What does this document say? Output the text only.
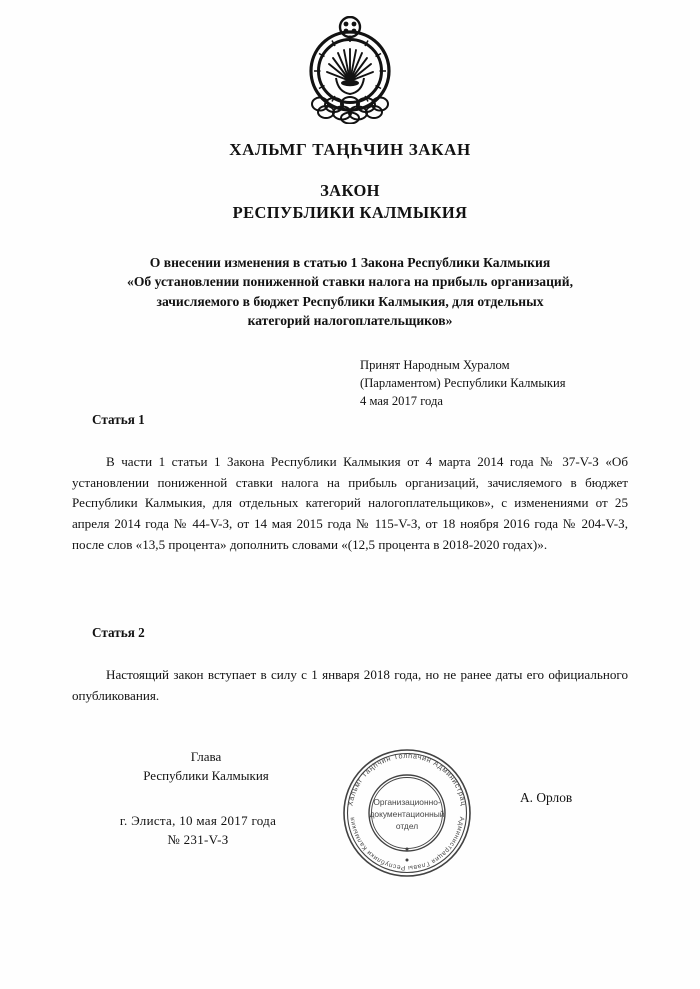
ХАЛЬМГ ТАҢҺЧИН ЗАКАН
ЗАКОН
РЕСПУБЛИКИ КАЛМЫКИЯ
О внесении изменения в статью 1 Закона Республики Калмыкия
«Об установлении пониженной ставки налога на прибыль организаций,
зачисляемого в бюджет Республики Калмыкия, для отдельных
категорий налогоплательщиков»
Принят Народным Хуралом
(Парламентом) Республики Калмыкия
4 мая 2017 года
Статья 1
В части 1 статьи 1 Закона Республики Калмыкия от 4 марта 2014 года № 37-V-З «Об установлении пониженной ставки налога на прибыль организаций, зачисляемого в бюджет Республики Калмыкия, для отдельных категорий налогоплательщиков», с изменениями от 25 апреля 2014 года № 44-V-З, от 14 мая 2015 года № 115-V-З, от 18 ноября 2016 года № 204-V-З, после слов «13,5 процента» дополнить словами «(12,5 процента в 2018-2020 годах)».
Статья 2
Настоящий закон вступает в силу с 1 января 2018 года, но не ранее даты его официального опубликования.
Глава
Республики Калмыкия
г. Элиста, 10 мая 2017 года
№ 231-V-З
А. Орлов
Хальмг Таңһчин Толһачин Администрац
Администрация Главы Республики Калмыкия
Организационно-
документационный
отдел
